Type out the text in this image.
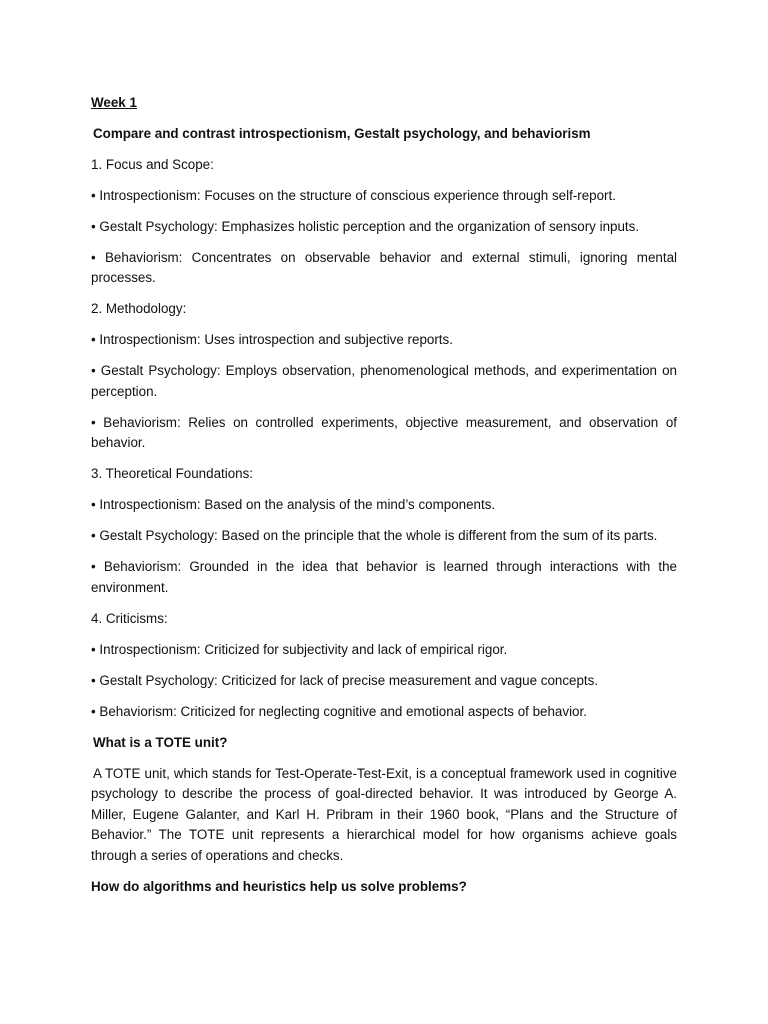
Week 1

Compare and contrast introspectionism, Gestalt psychology, and behaviorism

1. Focus and Scope:

• Introspectionism: Focuses on the structure of conscious experience through self-report.

• Gestalt Psychology: Emphasizes holistic perception and the organization of sensory inputs.

• Behaviorism: Concentrates on observable behavior and external stimuli, ignoring mental processes.

2. Methodology:

• Introspectionism: Uses introspection and subjective reports.

• Gestalt Psychology: Employs observation, phenomenological methods, and experimentation on perception.

• Behaviorism: Relies on controlled experiments, objective measurement, and observation of behavior.

3. Theoretical Foundations:

• Introspectionism: Based on the analysis of the mind’s components.

• Gestalt Psychology: Based on the principle that the whole is different from the sum of its parts.

• Behaviorism: Grounded in the idea that behavior is learned through interactions with the environment.

4. Criticisms:

• Introspectionism: Criticized for subjectivity and lack of empirical rigor.

• Gestalt Psychology: Criticized for lack of precise measurement and vague concepts.

• Behaviorism: Criticized for neglecting cognitive and emotional aspects of behavior.

What is a TOTE unit?

A TOTE unit, which stands for Test-Operate-Test-Exit, is a conceptual framework used in cognitive psychology to describe the process of goal-directed behavior. It was introduced by George A. Miller, Eugene Galanter, and Karl H. Pribram in their 1960 book, “Plans and the Structure of Behavior.” The TOTE unit represents a hierarchical model for how organisms achieve goals through a series of operations and checks.

How do algorithms and heuristics help us solve problems?
